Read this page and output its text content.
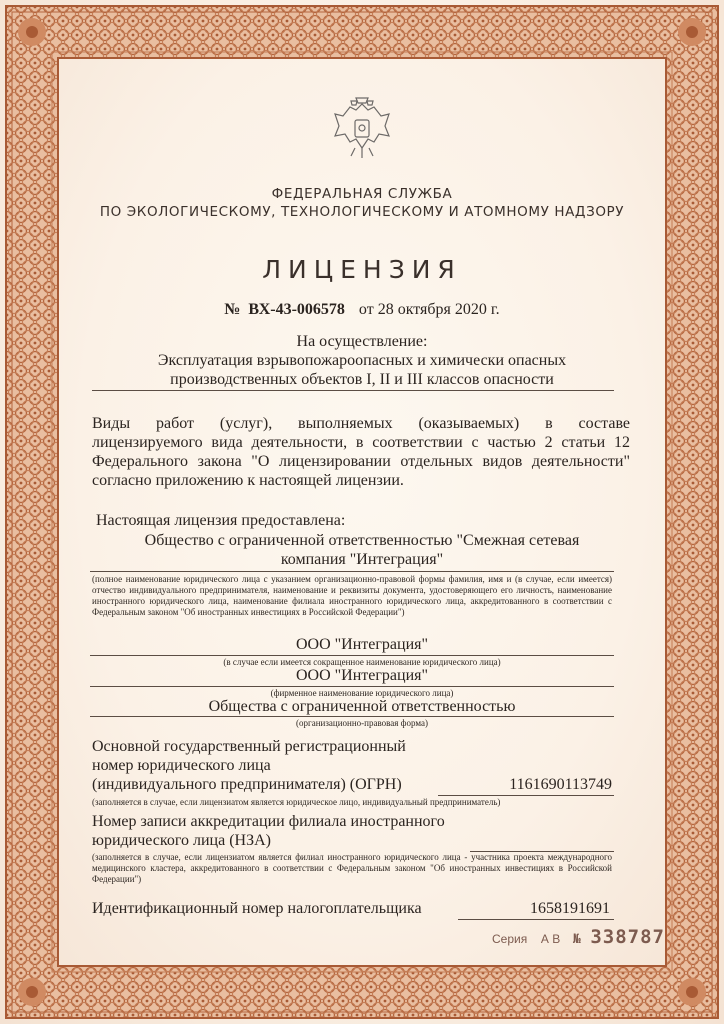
ФЕДЕРАЛЬНАЯ СЛУЖБА
ПО ЭКОЛОГИЧЕСКОМУ, ТЕХНОЛОГИЧЕСКОМУ И АТОМНОМУ НАДЗОРУ
ЛИЦЕНЗИЯ
№ ВХ-43-006578 от 28 октября 2020 г.
На осуществление:
Эксплуатация взрывопожароопасных и химически опасных
производственных объектов I, II и III классов опасности
Виды работ (услуг), выполняемых (оказываемых) в составе
лицензируемого вида деятельности, в соответствии с частью 2 статьи 12
Федерального закона "О лицензировании отдельных видов деятельности"
согласно приложению к настоящей лицензии.
Настоящая лицензия предоставлена:
Общество с ограниченной ответственностью "Смежная сетевая
компания "Интеграция"
(полное наименование юридического лица с указанием организационно-правовой формы фамилия, имя и (в случае, если имеется) отчество индивидуального предпринимателя, наименование и реквизиты документа, удостоверяющего его личность, наименование иностранного юридического лица, наименование филиала иностранного юридического лица, аккредитованного в соответствии с Федеральным законом "Об иностранных инвестициях в Российской Федерации")
ООО "Интеграция"
(в случае если имеется сокращенное наименование юридического лица)
ООО "Интеграция"
(фирменное наименование юридического лица)
Общества с ограниченной ответственностью
(организационно-правовая форма)
Основной государственный регистрационный
номер юридического лица
(индивидуального предпринимателя) (ОГРН)	1161690113749
(заполняется в случае, если лицензиатом является юридическое лицо, индивидуальный предприниматель)
Номер записи аккредитации филиала иностранного
юридического лица (НЗА)
(заполняется в случае, если лицензиатом является филиал иностранного юридического лица - участника проекта международного медицинского кластера, аккредитованного в соответствии с Федеральным законом "Об иностранных инвестициях в Российской Федерации")
Идентификационный номер налогоплательщика	1658191691
Серия А В № 338787
